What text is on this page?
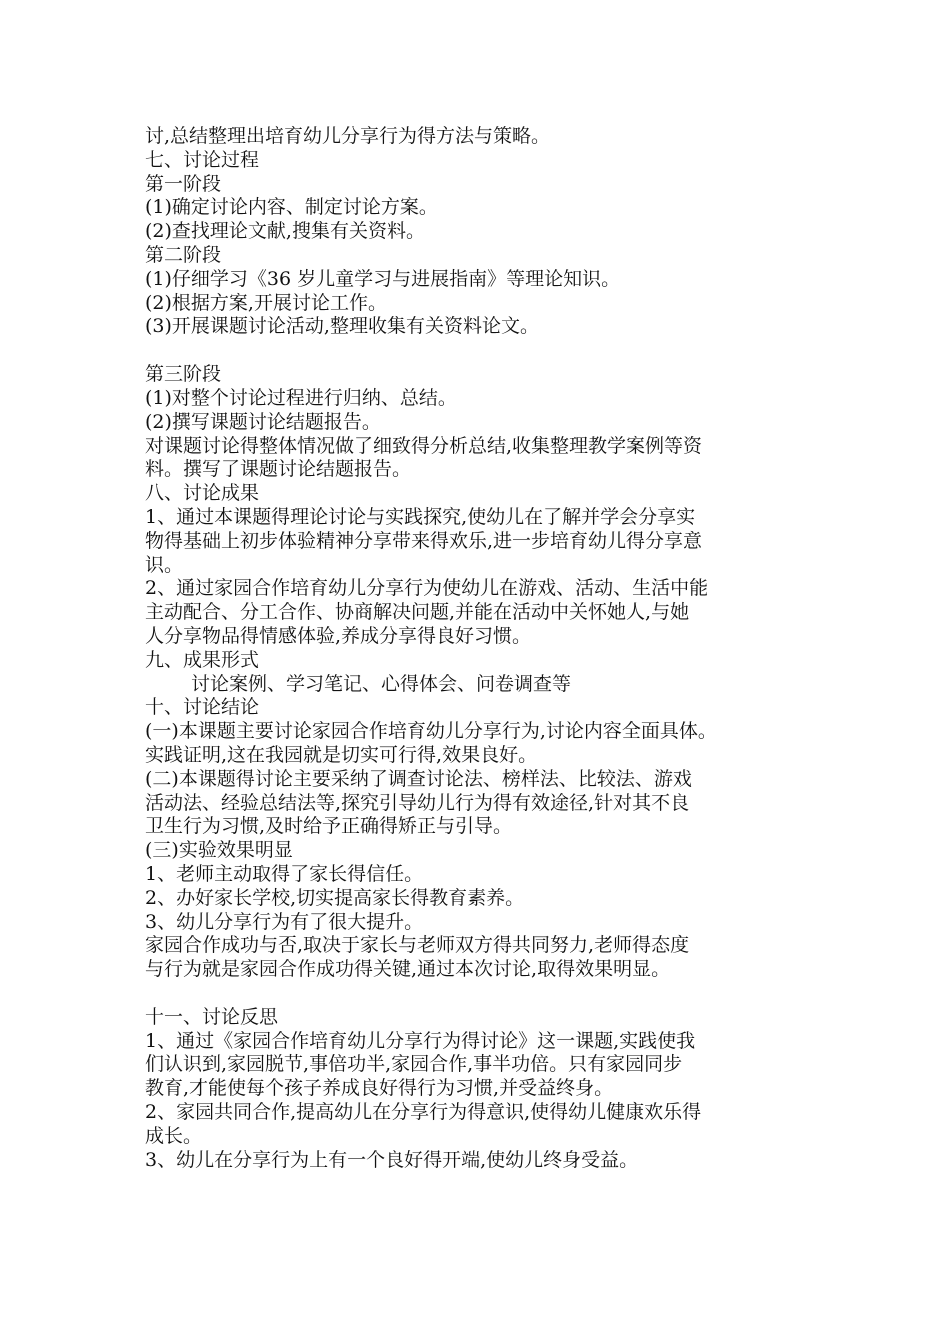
讨,总结整理出培育幼儿分享行为得方法与策略。
七、讨论过程
第一阶段
(1)确定讨论内容、制定讨论方案。
(2)查找理论文献,搜集有关资料。
第二阶段
(1)仔细学习《36 岁儿童学习与进展指南》等理论知识。
(2)根据方案,开展讨论工作。
(3)开展课题讨论活动,整理收集有关资料论文。
第三阶段
(1)对整个讨论过程进行归纳、总结。
(2)撰写课题讨论结题报告。
对课题讨论得整体情况做了细致得分析总结,收集整理教学案例等资
料。撰写了课题讨论结题报告。
八、讨论成果
1、通过本课题得理论讨论与实践探究,使幼儿在了解并学会分享实
物得基础上初步体验精神分享带来得欢乐,进一步培育幼儿得分享意
识。
2、通过家园合作培育幼儿分享行为使幼儿在游戏、活动、生活中能
主动配合、分工合作、协商解决问题,并能在活动中关怀她人,与她
人分享物品得情感体验,养成分享得良好习惯。
九、成果形式
讨论案例、学习笔记、心得体会、问卷调查等
十、讨论结论
(一)本课题主要讨论家园合作培育幼儿分享行为,讨论内容全面具体。
实践证明,这在我园就是切实可行得,效果良好。
(二)本课题得讨论主要采纳了调查讨论法、榜样法、比较法、游戏
活动法、经验总结法等,探究引导幼儿行为得有效途径,针对其不良
卫生行为习惯,及时给予正确得矫正与引导。
(三)实验效果明显
1、老师主动取得了家长得信任。
2、办好家长学校,切实提高家长得教育素养。
3、幼儿分享行为有了很大提升。
家园合作成功与否,取决于家长与老师双方得共同努力,老师得态度
与行为就是家园合作成功得关键,通过本次讨论,取得效果明显。
十一、讨论反思
1、通过《家园合作培育幼儿分享行为得讨论》这一课题,实践使我
们认识到,家园脱节,事倍功半,家园合作,事半功倍。只有家园同步
教育,才能使每个孩子养成良好得行为习惯,并受益终身。
2、家园共同合作,提高幼儿在分享行为得意识,使得幼儿健康欢乐得
成长。
3、幼儿在分享行为上有一个良好得开端,使幼儿终身受益。
